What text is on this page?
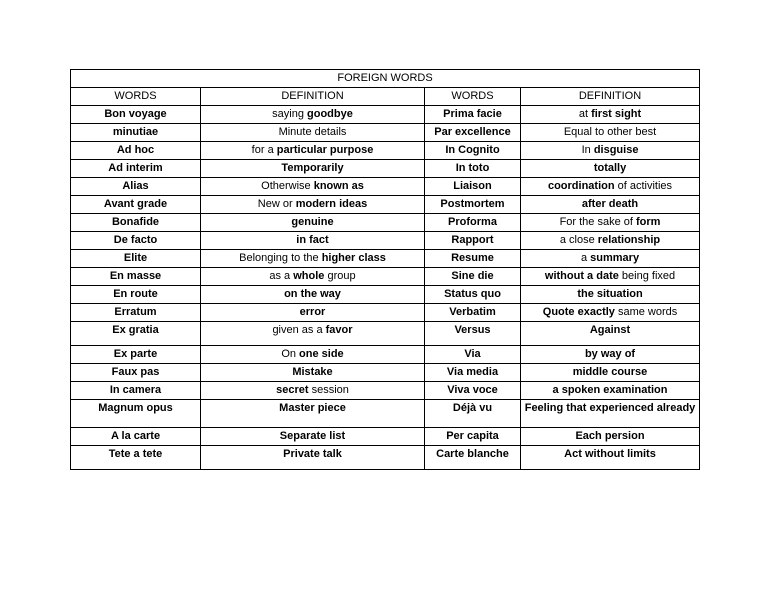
FOREIGN WORDS			
WORDS	DEFINITION	WORDS	DEFINITION
Bon voyage	saying goodbye	Prima facie	at first sight
minutiae	Minute details	Par excellence	Equal to other best
Ad hoc	for a particular purpose	In Cognito	In disguise
Ad interim	Temporarily	In toto	totally
Alias	Otherwise known as	Liaison	coordination of activities
Avant grade	New or modern ideas	Postmortem	after death
Bonafide	genuine	Proforma	For the sake of form
De facto	in fact	Rapport	a close relationship
Elite	Belonging to the higher class	Resume	a summary
En masse	as a whole group	Sine die	without a date being fixed
En route	on the way	Status quo	the situation
Erratum	error	Verbatim	Quote exactly same words
Ex gratia	given as a favor	Versus	Against
Ex parte	On one side	Via	by way of
Faux pas	Mistake	Via media	middle course
In camera	secret session	Viva voce	a spoken examination
Magnum opus	Master piece	Déjà vu	Feeling that experienced already
A la carte	Separate list	Per capita	Each persion
Tete a tete	Private talk	Carte blanche	Act without limits
